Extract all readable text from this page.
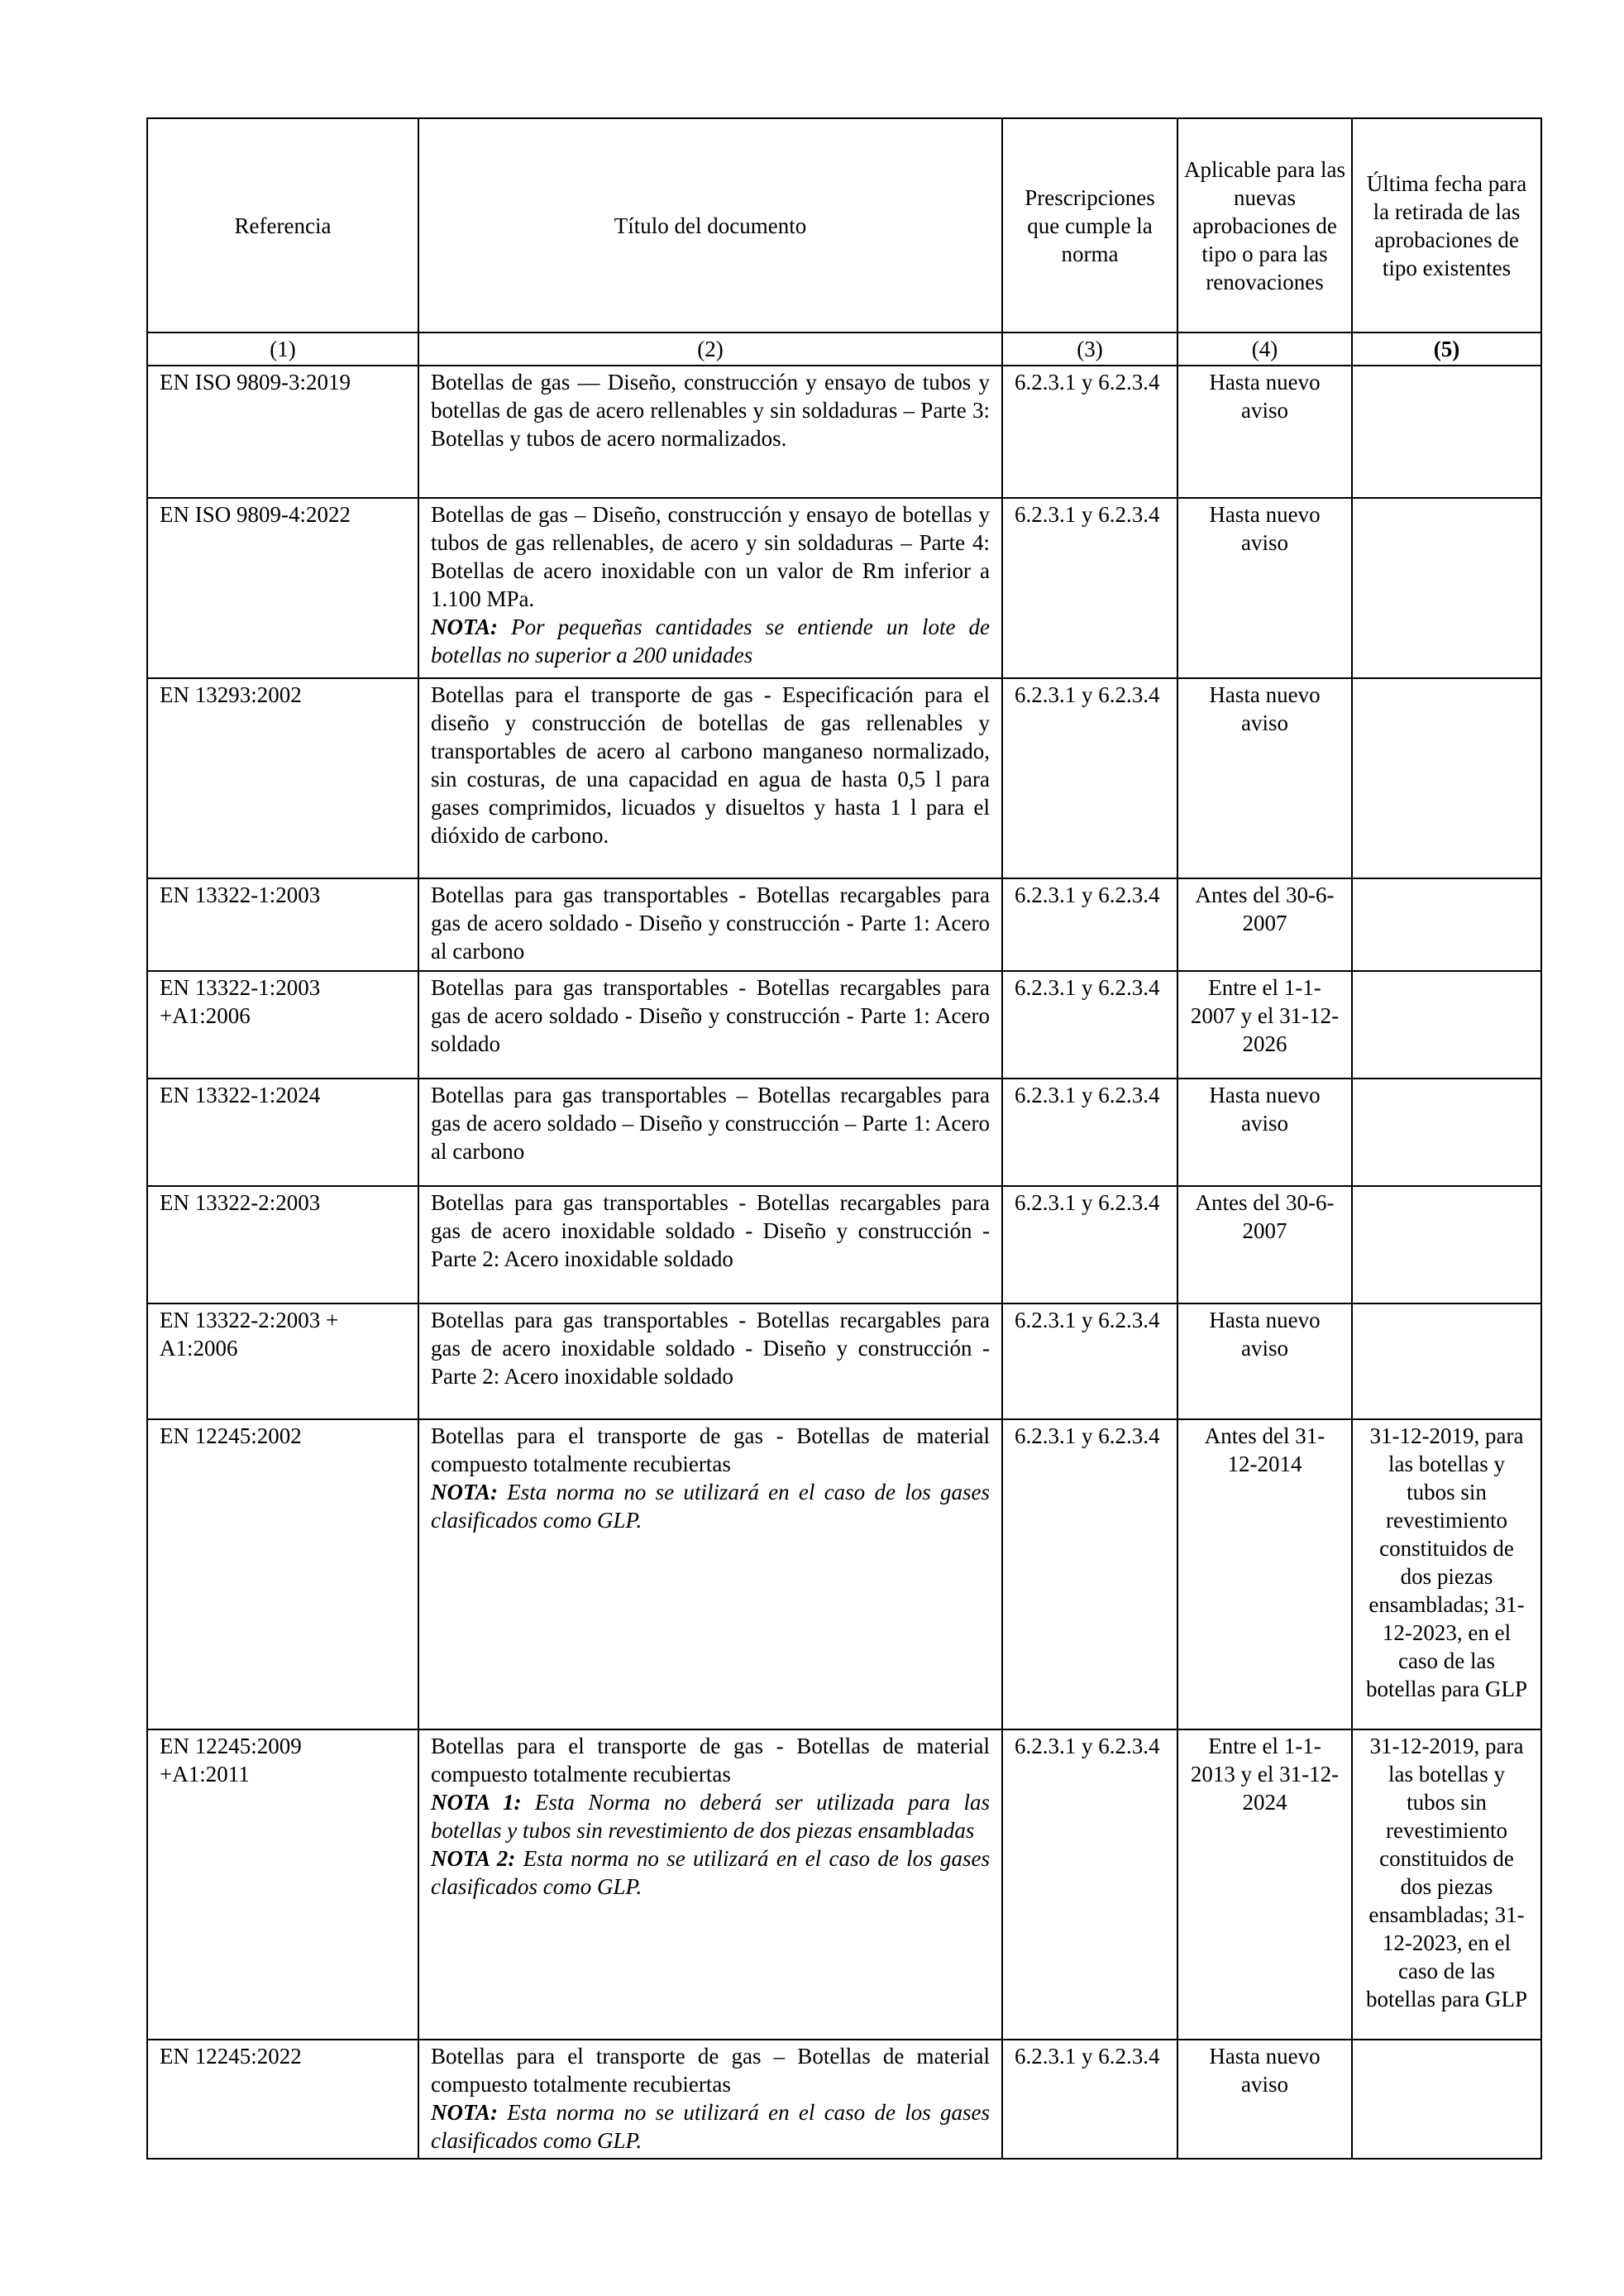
Referencia	Título del documento	Prescripciones que cumple la norma	Aplicable para las nuevas aprobaciones de tipo o para las renovaciones	Última fecha para la retirada de las aprobaciones de tipo existentes
(1)	(2)	(3)	(4)	(5)

EN ISO 9809-3:2019	Botellas de gas — Diseño, construcción y ensayo de tubos y botellas de gas de acero rellenables y sin soldaduras – Parte 3: Botellas y tubos de acero normalizados.	6.2.3.1 y 6.2.3.4	Hasta nuevo aviso	

EN ISO 9809-4:2022	Botellas de gas – Diseño, construcción y ensayo de botellas y tubos de gas rellenables, de acero y sin soldaduras – Parte 4: Botellas de acero inoxidable con un valor de Rm inferior a 1.100 MPa.
NOTA: Por pequeñas cantidades se entiende un lote de botellas no superior a 200 unidades	6.2.3.1 y 6.2.3.4	Hasta nuevo aviso	

EN 13293:2002	Botellas para el transporte de gas - Especificación para el diseño y construcción de botellas de gas rellenables y transportables de acero al carbono manganeso normalizado, sin costuras, de una capacidad en agua de hasta 0,5 l para gases comprimidos, licuados y disueltos y hasta 1 l para el dióxido de carbono.	6.2.3.1 y 6.2.3.4	Hasta nuevo aviso	

EN 13322-1:2003	Botellas para gas transportables - Botellas recargables para gas de acero soldado - Diseño y construcción - Parte 1: Acero al carbono	6.2.3.1 y 6.2.3.4	Antes del 30-6-2007	

EN 13322-1:2003
+A1:2006	Botellas para gas transportables - Botellas recargables para gas de acero soldado - Diseño y construcción - Parte 1: Acero soldado	6.2.3.1 y 6.2.3.4	Entre el 1-1-2007 y el 31-12-2026	

EN 13322-1:2024	Botellas para gas transportables – Botellas recargables para gas de acero soldado – Diseño y construcción – Parte 1: Acero al carbono	6.2.3.1 y 6.2.3.4	Hasta nuevo aviso	

EN 13322-2:2003	Botellas para gas transportables - Botellas recargables para gas de acero inoxidable soldado - Diseño y construcción - Parte 2: Acero inoxidable soldado	6.2.3.1 y 6.2.3.4	Antes del 30-6-2007	

EN 13322-2:2003 +
A1:2006	Botellas para gas transportables - Botellas recargables para gas de acero inoxidable soldado - Diseño y construcción - Parte 2: Acero inoxidable soldado	6.2.3.1 y 6.2.3.4	Hasta nuevo aviso	

EN 12245:2002	Botellas para el transporte de gas - Botellas de material compuesto totalmente recubiertas
NOTA: Esta norma no se utilizará en el caso de los gases clasificados como GLP.	6.2.3.1 y 6.2.3.4	Antes del 31-12-2014	31-12-2019, para las botellas y tubos sin revestimiento constituidos de dos piezas ensambladas; 31-12-2023, en el caso de las botellas para GLP

EN 12245:2009
+A1:2011	Botellas para el transporte de gas - Botellas de material compuesto totalmente recubiertas
NOTA 1: Esta Norma no deberá ser utilizada para las botellas y tubos sin revestimiento de dos piezas ensambladas
NOTA 2: Esta norma no se utilizará en el caso de los gases clasificados como GLP.	6.2.3.1 y 6.2.3.4	Entre el 1-1-2013 y el 31-12-2024	31-12-2019, para las botellas y tubos sin revestimiento constituidos de dos piezas ensambladas; 31-12-2023, en el caso de las botellas para GLP

EN 12245:2022	Botellas para el transporte de gas – Botellas de material compuesto totalmente recubiertas
NOTA: Esta norma no se utilizará en el caso de los gases clasificados como GLP.	6.2.3.1 y 6.2.3.4	Hasta nuevo aviso	
